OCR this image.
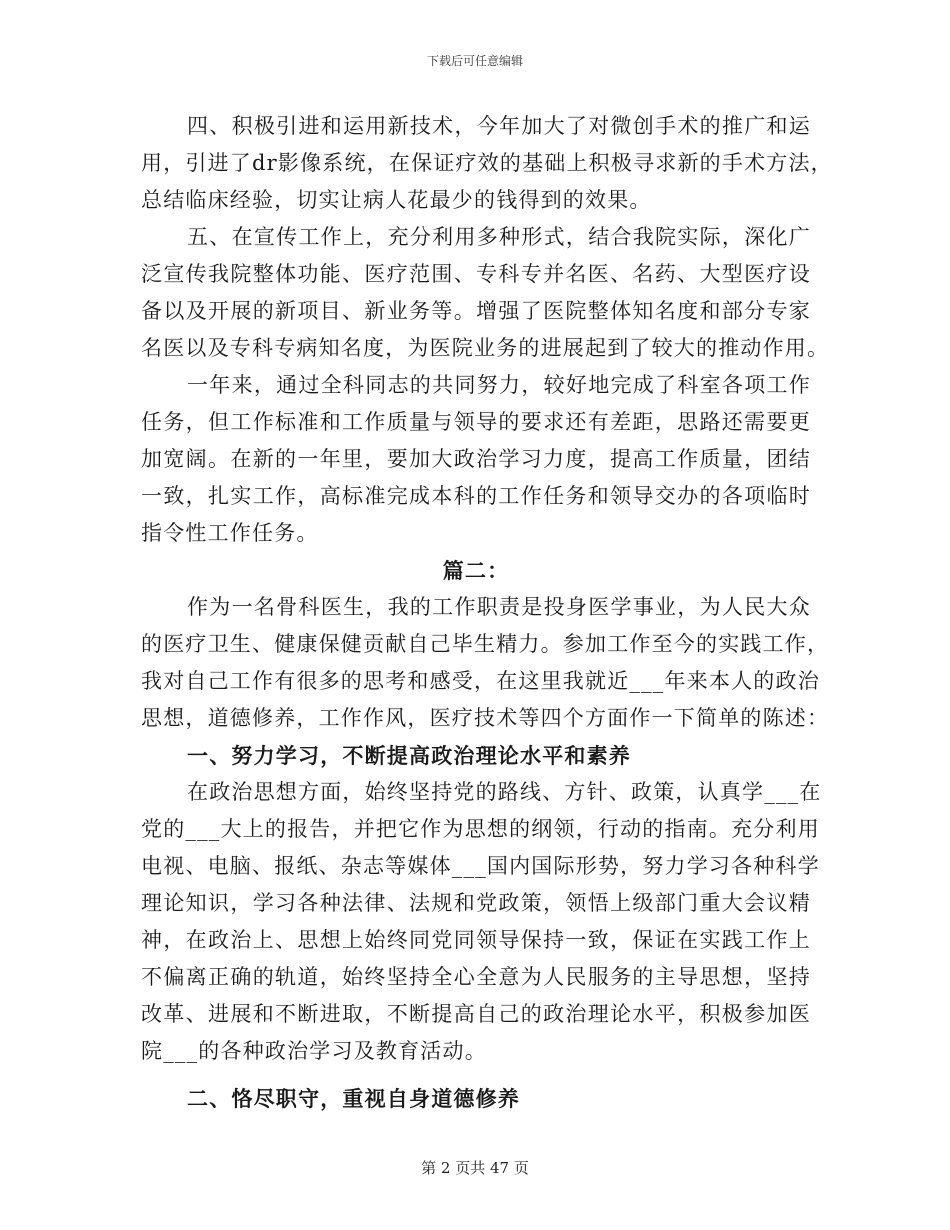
下载后可任意编辑
四、积极引进和运用新技术，今年加大了对微创手术的推广和运
用，引进了dr影像系统，在保证疗效的基础上积极寻求新的手术方法，
总结临床经验，切实让病人花最少的钱得到的效果。
五、在宣传工作上，充分利用多种形式，结合我院实际，深化广
泛宣传我院整体功能、医疗范围、专科专并名医、名药、大型医疗设
备以及开展的新项目、新业务等。增强了医院整体知名度和部分专家
名医以及专科专病知名度，为医院业务的进展起到了较大的推动作用。
一年来，通过全科同志的共同努力，较好地完成了科室各项工作
任务，但工作标准和工作质量与领导的要求还有差距，思路还需要更
加宽阔。在新的一年里，要加大政治学习力度，提高工作质量，团结
一致，扎实工作，高标准完成本科的工作任务和领导交办的各项临时
指令性工作任务。
篇二：
作为一名骨科医生，我的工作职责是投身医学事业，为人民大众
的医疗卫生、健康保健贡献自己毕生精力。参加工作至今的实践工作，
我对自己工作有很多的思考和感受，在这里我就近___年来本人的政治
思想，道德修养，工作作风，医疗技术等四个方面作一下简单的陈述：
一、努力学习，不断提高政治理论水平和素养
在政治思想方面，始终坚持党的路线、方针、政策，认真学___在
党的___大上的报告，并把它作为思想的纲领，行动的指南。充分利用
电视、电脑、报纸、杂志等媒体___国内国际形势，努力学习各种科学
理论知识，学习各种法律、法规和党政策，领悟上级部门重大会议精
神，在政治上、思想上始终同党同领导保持一致，保证在实践工作上
不偏离正确的轨道，始终坚持全心全意为人民服务的主导思想，坚持
改革、进展和不断进取，不断提高自己的政治理论水平，积极参加医
院___的各种政治学习及教育活动。
二、恪尽职守，重视自身道德修养
第 2 页共 47 页
